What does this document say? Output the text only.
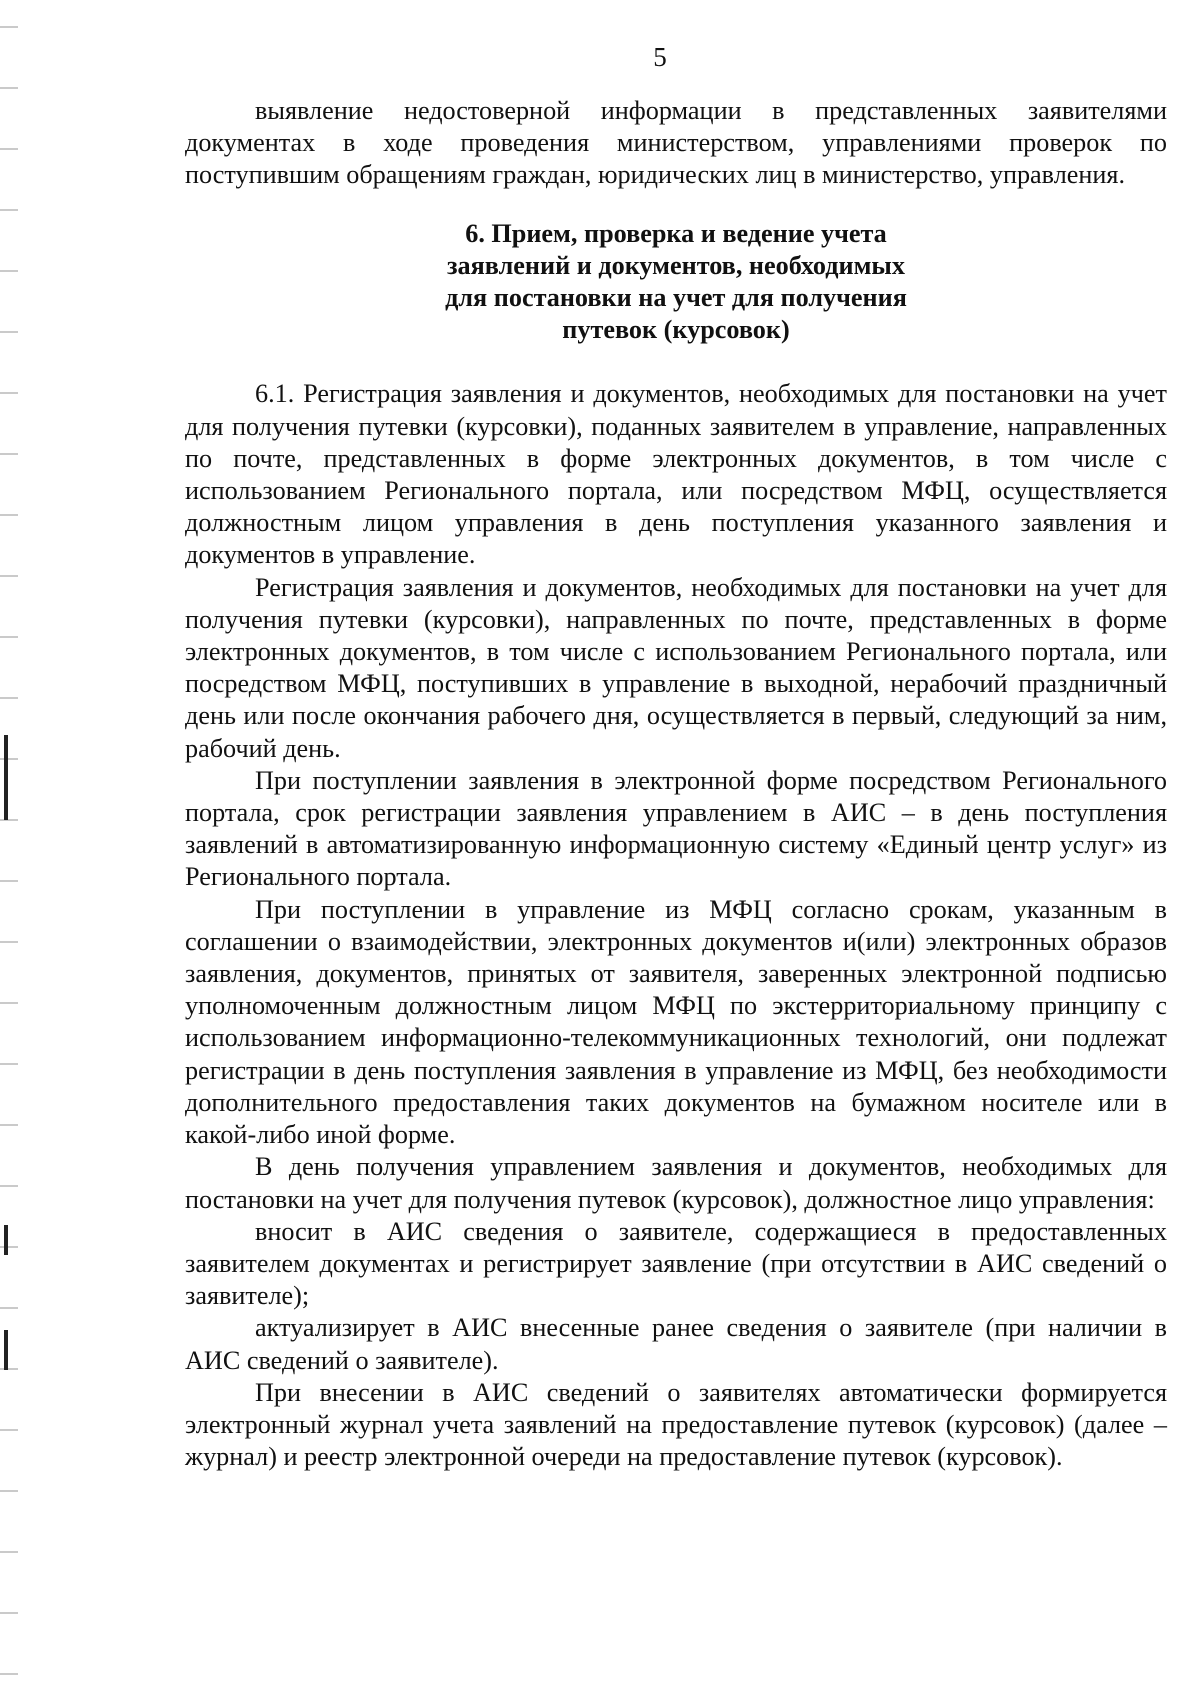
5

выявление недостоверной информации в представленных заявителями документах в ходе проведения министерством, управлениями проверок по поступившим обращениям граждан, юридических лиц в министерство, управления.

6. Прием, проверка и ведение учета
заявлений и документов, необходимых
для постановки на учет для получения
путевок (курсовок)

6.1. Регистрация заявления и документов, необходимых для постановки на учет для получения путевки (курсовки), поданных заявителем в управление, направленных по почте, представленных в форме электронных документов, в том числе с использованием Регионального портала, или посредством МФЦ, осуществляется должностным лицом управления в день поступления указанного заявления и документов в управление.

Регистрация заявления и документов, необходимых для постановки на учет для получения путевки (курсовки), направленных по почте, представленных в форме электронных документов, в том числе с использованием Регионального портала, или посредством МФЦ, поступивших в управление в выходной, нерабочий праздничный день или после окончания рабочего дня, осуществляется в первый, следующий за ним, рабочий день.

При поступлении заявления в электронной форме посредством Регионального портала, срок регистрации заявления управлением в АИС – в день поступления заявлений в автоматизированную информационную систему «Единый центр услуг» из Регионального портала.

При поступлении в управление из МФЦ согласно срокам, указанным в соглашении о взаимодействии, электронных документов и(или) электронных образов заявления, документов, принятых от заявителя, заверенных электронной подписью уполномоченным должностным лицом МФЦ по экстерриториальному принципу с использованием информационно-телекоммуникационных технологий, они подлежат регистрации в день поступления заявления в управление из МФЦ, без необходимости дополнительного предоставления таких документов на бумажном носителе или в какой-либо иной форме.

В день получения управлением заявления и документов, необходимых для постановки на учет для получения путевок (курсовок), должностное лицо управления:

вносит в АИС сведения о заявителе, содержащиеся в предоставленных заявителем документах и регистрирует заявление (при отсутствии в АИС сведений о заявителе);

актуализирует в АИС внесенные ранее сведения о заявителе (при наличии в АИС сведений о заявителе).

При внесении в АИС сведений о заявителях автоматически формируется электронный журнал учета заявлений на предоставление путевок (курсовок) (далее – журнал) и реестр электронной очереди на предоставление путевок (курсовок).
